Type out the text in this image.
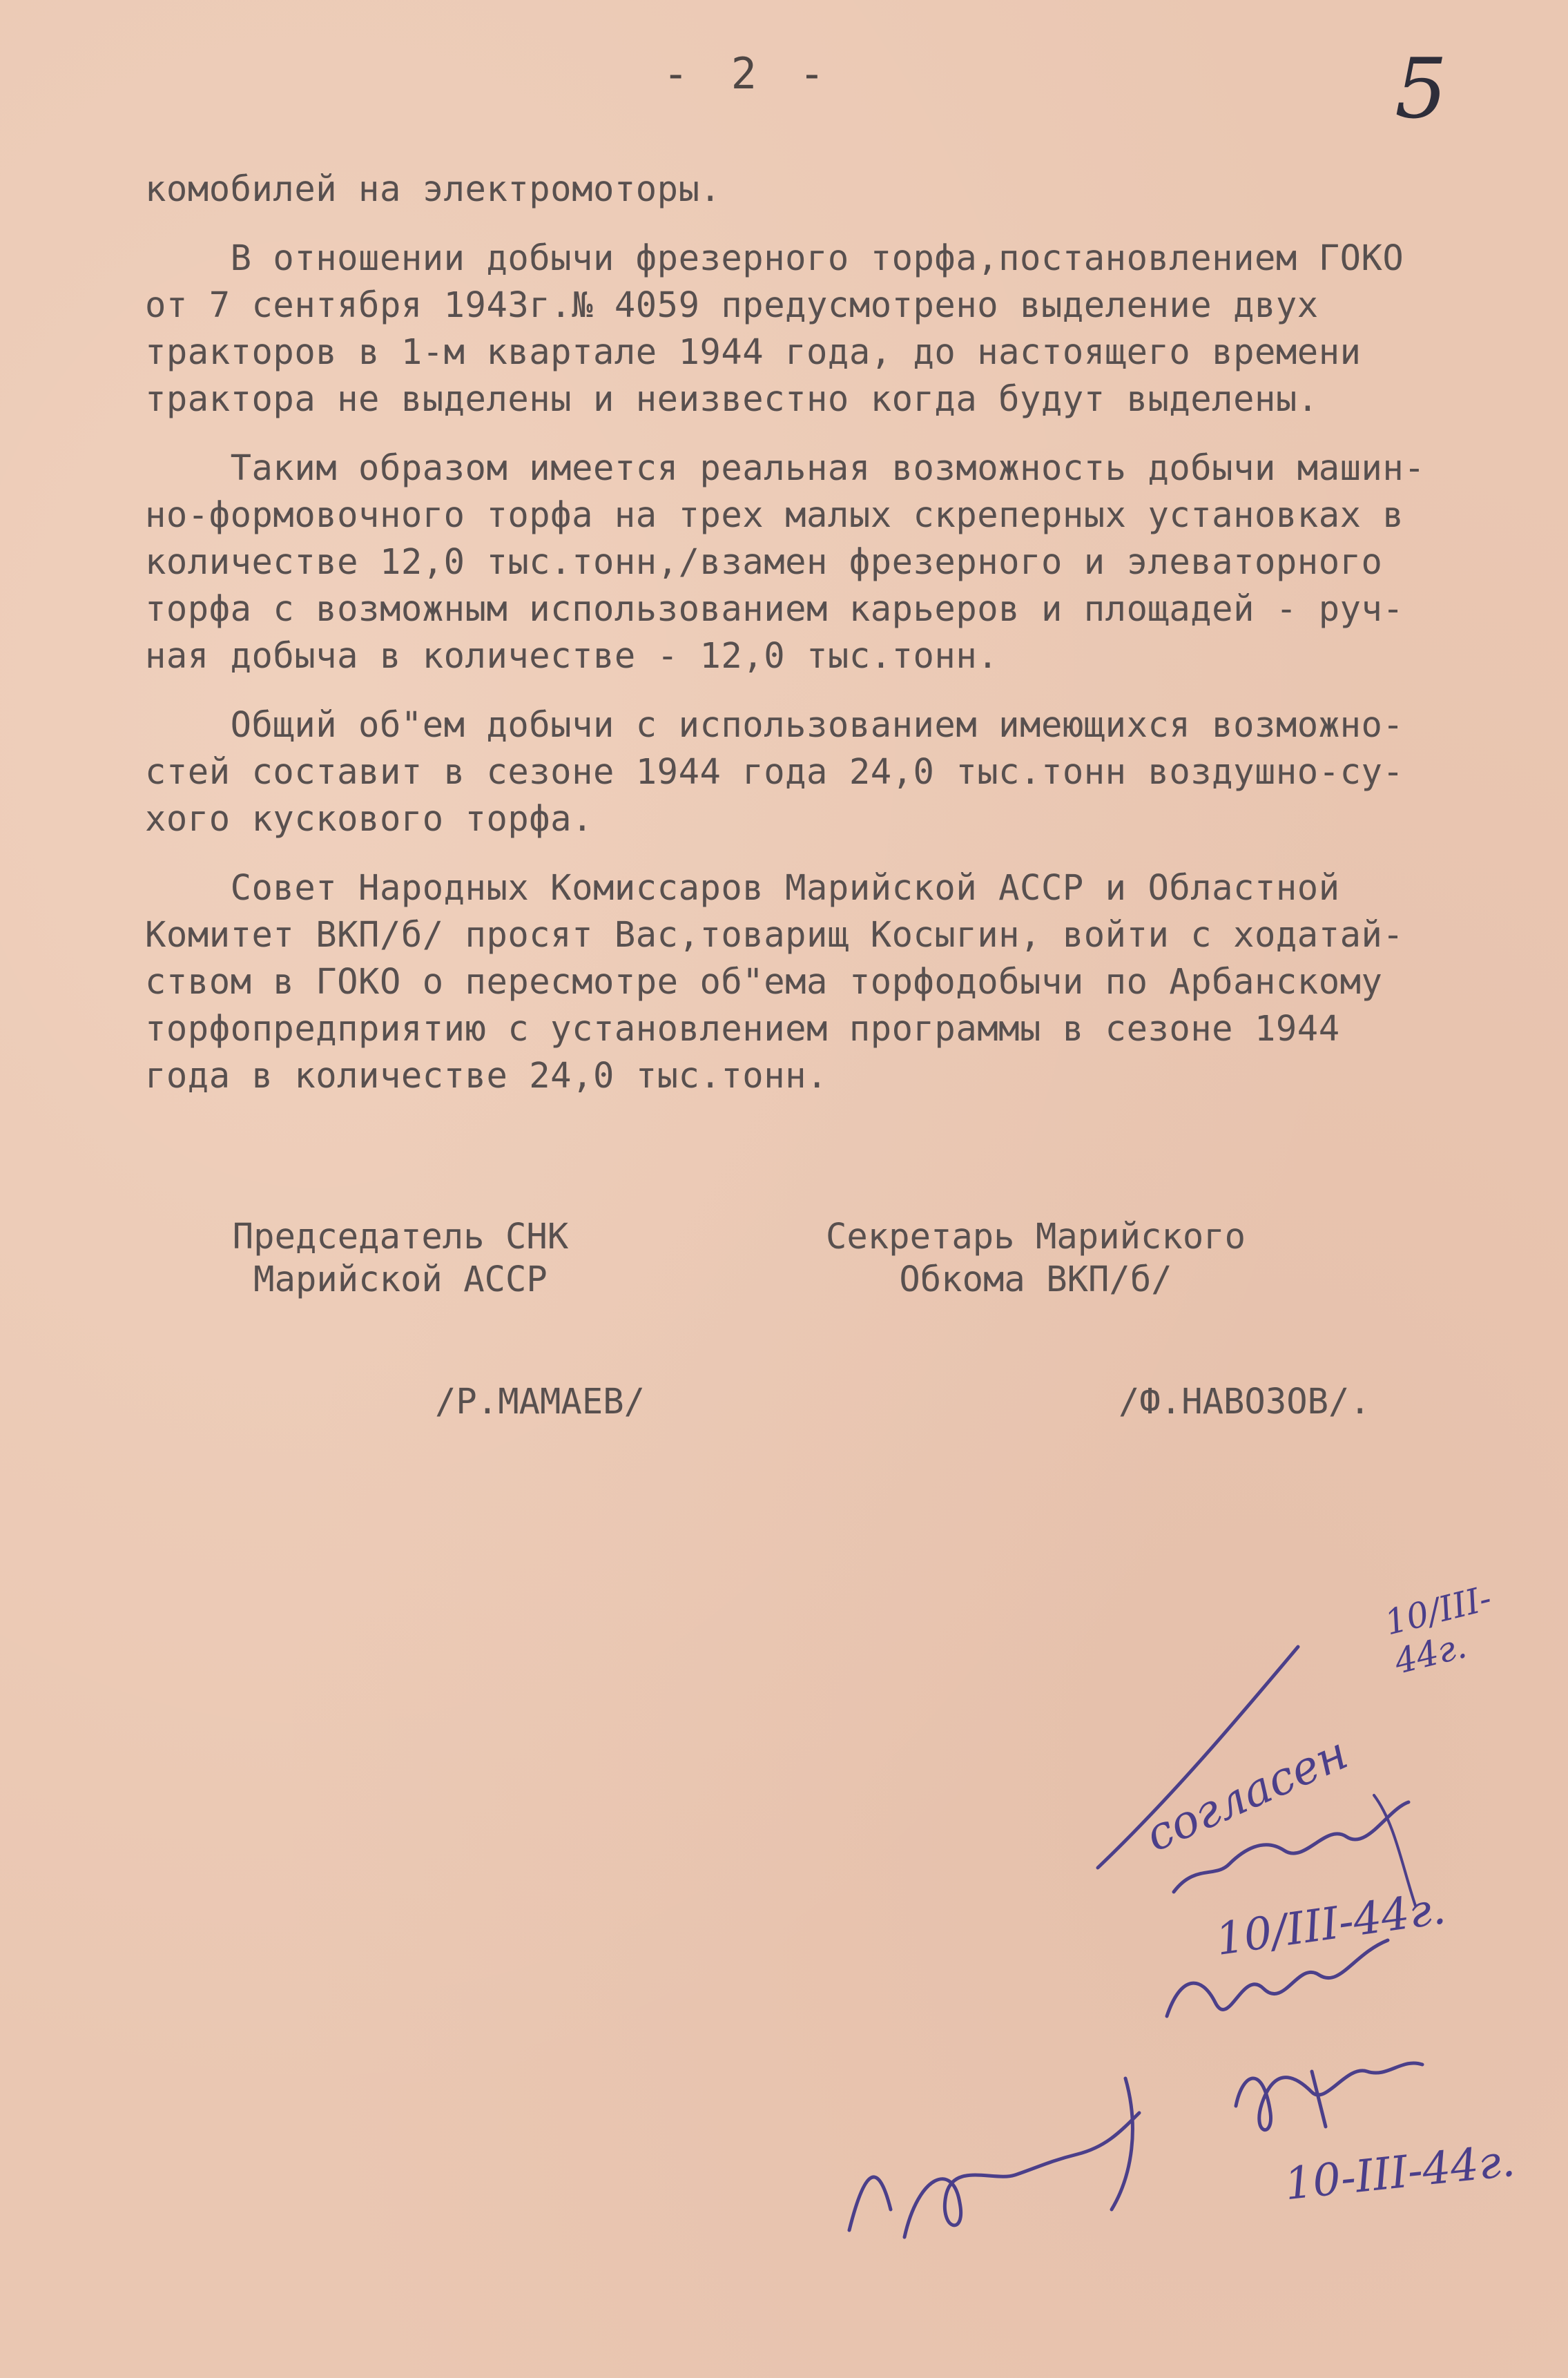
- 2 -	5
комобилей на электромоторы.
В отношении добычи фрезерного торфа,постановлением ГОКО
от 7 сентября 1943г.№ 4059 предусмотрено выделение двух
тракторов в 1-м квартале 1944 года, до настоящего времени
трактора не выделены и неизвестно когда будут выделены.
Таким образом имеется реальная возможность добычи машин-
но-формовочного торфа на трех малых скреперных установках в
количестве 12,0 тыс.тонн,/взамен фрезерного и элеваторного
торфа с возможным использованием карьеров и площадей - руч-
ная добыча в количестве - 12,0 тыс.тонн.
Общий об"ем добычи с использованием имеющихся возможно-
стей составит в сезоне 1944 года 24,0 тыс.тонн воздушно-су-
хого кускового торфа.
Совет Народных Комиссаров Марийской АССР и Областной
Комитет ВКП/б/ просят Вас,товарищ Косыгин, войти с ходатай-
ством в ГОКО о пересмотре об"ема торфодобычи по Арбанскому
торфопредприятию с установлением программы в сезоне 1944
года в количестве 24,0 тыс.тонн.
Председатель СНК
Марийской АССР
Секретарь Марийского
Обкома ВКП/б/
/Р.МАМАЕВ/	/Ф.НАВОЗОВ/.
10/III-44г.
согласен
10/III-44г.
10-III-44г.
